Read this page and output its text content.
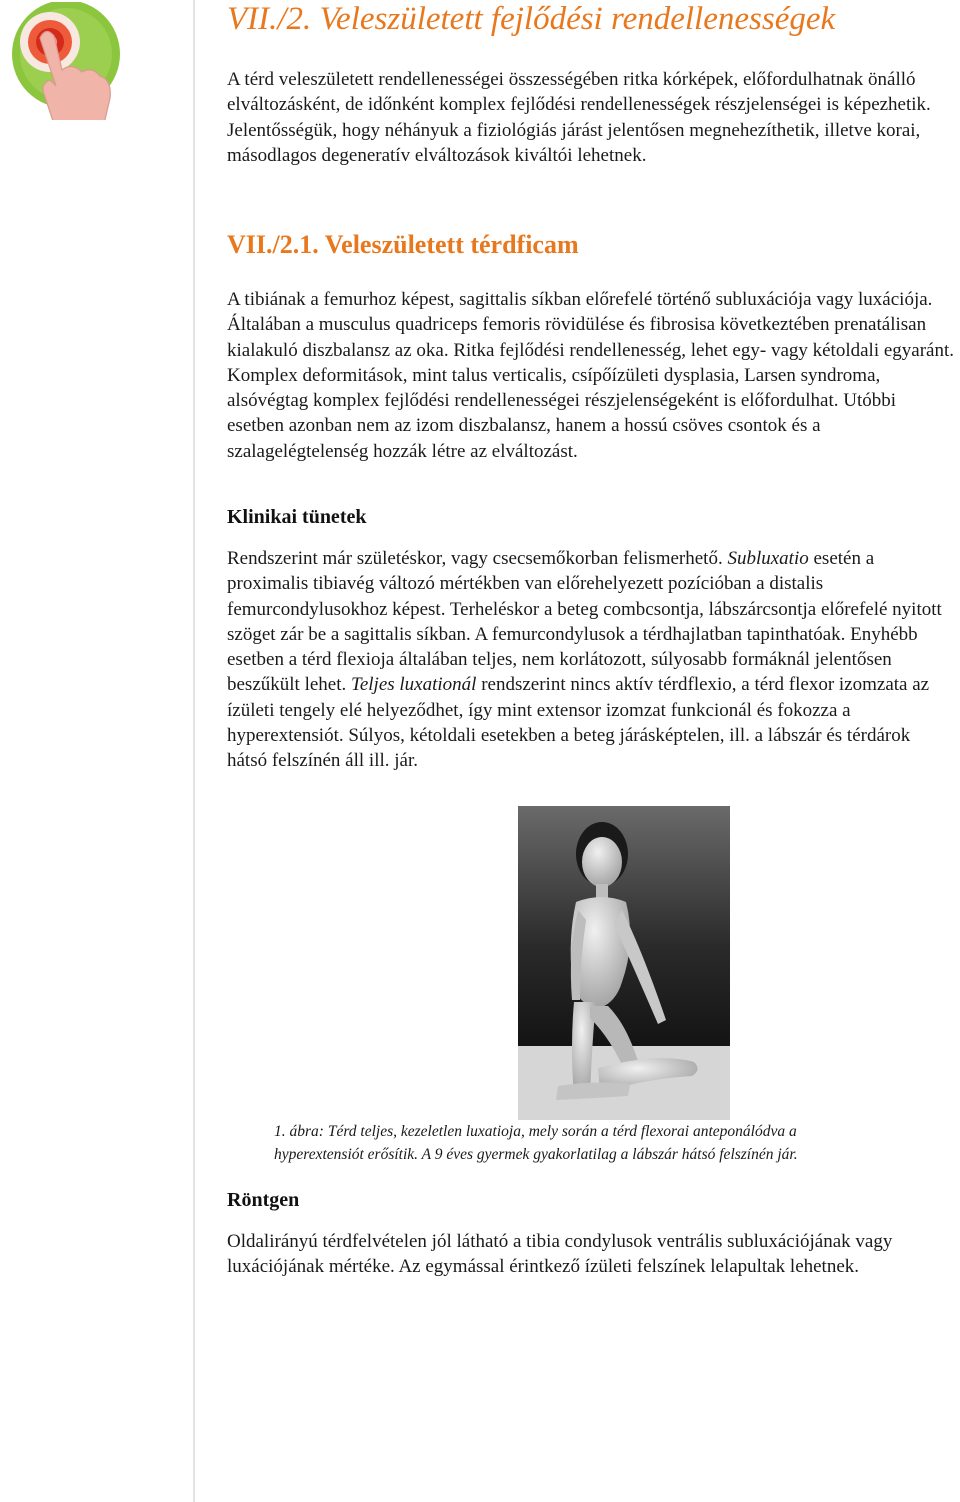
VII./2. Veleszületett fejlődési rendellenességek

A térd veleszületett rendellenességei összességében ritka kórképek, előfordulhatnak önálló elváltozásként, de időnként komplex fejlődési rendellenességek részjelenségei is képezhetik. Jelentősségük, hogy néhányuk a fiziológiás járást jelentősen megnehezíthetik, illetve korai, másodlagos degeneratív elváltozások kiváltói lehetnek.

VII./2.1. Veleszületett térdficam

A tibiának a femurhoz képest, sagittalis síkban előrefelé történő subluxációja vagy luxációja. Általában a musculus quadriceps femoris rövidülése és fibrosisa következtében prenatálisan kialakuló diszbalansz az oka. Ritka fejlődési rendellenesség, lehet egy- vagy kétoldali egyaránt. Komplex deformitások, mint talus verticalis, csípőízületi dysplasia, Larsen syndroma, alsóvégtag komplex fejlődési rendellenességei részjelenségeként is előfordulhat. Utóbbi esetben azonban nem az izom diszbalansz, hanem a hossú csöves csontok és a szalagelégtelenség hozzák létre az elváltozást.

Klinikai tünetek

Rendszerint már születéskor, vagy csecsemőkorban felismerhető. Subluxatio esetén a proximalis tibiavég változó mértékben van előrehelyezett pozícióban a distalis femurcondylusokhoz képest. Terheléskor a beteg combcsontja, lábszárcsontja előrefelé nyitott szöget zár be a sagittalis síkban. A femurcondylusok a térdhajlatban tapinthatóak. Enyhébb esetben a térd flexioja általában teljes, nem korlátozott, súlyosabb formáknál jelentősen beszűkült lehet. Teljes luxationál rendszerint nincs aktív térdflexio, a térd flexor izomzata az ízületi tengely elé helyeződhet, így mint extensor izomzat funkcionál és fokozza a hyperextensiót. Súlyos, kétoldali esetekben a beteg járásképtelen, ill. a lábszár és térdárok hátsó felszínén áll ill. jár.

Röntgen

Oldalirányú térdfelvételen jól látható a tibia condylusok ventrális subluxációjának vagy luxációjának mértéke. Az egymással érintkező ízületi felszínek lelapultak lehetnek.

1. ábra: Térd teljes, kezeletlen luxatioja, mely során a térd flexorai anteponálódva a
hyperextensiót erősítik. A 9 éves gyermek gyakorlatilag a lábszár hátsó felszínén jár.
